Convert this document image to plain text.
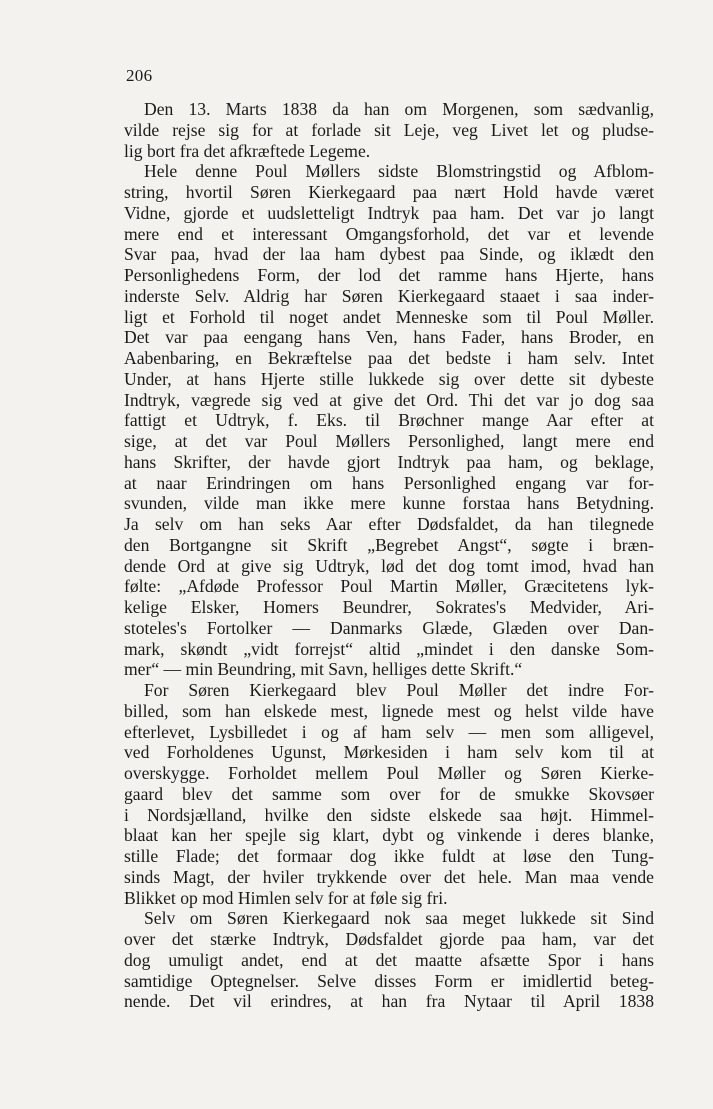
206
Den 13. Marts 1838 da han om Morgenen, som sædvanlig,
vilde rejse sig for at forlade sit Leje, veg Livet let og pludse-
lig bort fra det afkræftede Legeme.
Hele denne Poul Møllers sidste Blomstringstid og Afblom-
string, hvortil Søren Kierkegaard paa nært Hold havde været
Vidne, gjorde et uudsletteligt Indtryk paa ham. Det var jo langt
mere end et interessant Omgangsforhold, det var et levende
Svar paa, hvad der laa ham dybest paa Sinde, og iklædt den
Personlighedens Form, der lod det ramme hans Hjerte, hans
inderste Selv. Aldrig har Søren Kierkegaard staaet i saa inder-
ligt et Forhold til noget andet Menneske som til Poul Møller.
Det var paa eengang hans Ven, hans Fader, hans Broder, en
Aabenbaring, en Bekræftelse paa det bedste i ham selv. Intet
Under, at hans Hjerte stille lukkede sig over dette sit dybeste
Indtryk, vægrede sig ved at give det Ord. Thi det var jo dog saa
fattigt et Udtryk, f. Eks. til Brøchner mange Aar efter at
sige, at det var Poul Møllers Personlighed, langt mere end
hans Skrifter, der havde gjort Indtryk paa ham, og beklage,
at naar Erindringen om hans Personlighed engang var for-
svunden, vilde man ikke mere kunne forstaa hans Betydning.
Ja selv om han seks Aar efter Dødsfaldet, da han tilegnede
den Bortgangne sit Skrift „Begrebet Angst“, søgte i bræn-
dende Ord at give sig Udtryk, lød det dog tomt imod, hvad han
følte: „Afdøde Professor Poul Martin Møller, Græcitetens lyk-
kelige Elsker, Homers Beundrer, Sokrates's Medvider, Ari-
stoteles's Fortolker — Danmarks Glæde, Glæden over Dan-
mark, skøndt „vidt forrejst“ altid „mindet i den danske Som-
mer“ — min Beundring, mit Savn, helliges dette Skrift.“
For Søren Kierkegaard blev Poul Møller det indre For-
billed, som han elskede mest, lignede mest og helst vilde have
efterlevet, Lysbilledet i og af ham selv — men som alligevel,
ved Forholdenes Ugunst, Mørkesiden i ham selv kom til at
overskygge. Forholdet mellem Poul Møller og Søren Kierke-
gaard blev det samme som over for de smukke Skovsøer
i Nordsjælland, hvilke den sidste elskede saa højt. Himmel-
blaat kan her spejle sig klart, dybt og vinkende i deres blanke,
stille Flade; det formaar dog ikke fuldt at løse den Tung-
sinds Magt, der hviler trykkende over det hele. Man maa vende
Blikket op mod Himlen selv for at føle sig fri.
Selv om Søren Kierkegaard nok saa meget lukkede sit Sind
over det stærke Indtryk, Dødsfaldet gjorde paa ham, var det
dog umuligt andet, end at det maatte afsætte Spor i hans
samtidige Optegnelser. Selve disses Form er imidlertid beteg-
nende. Det vil erindres, at han fra Nytaar til April 1838
